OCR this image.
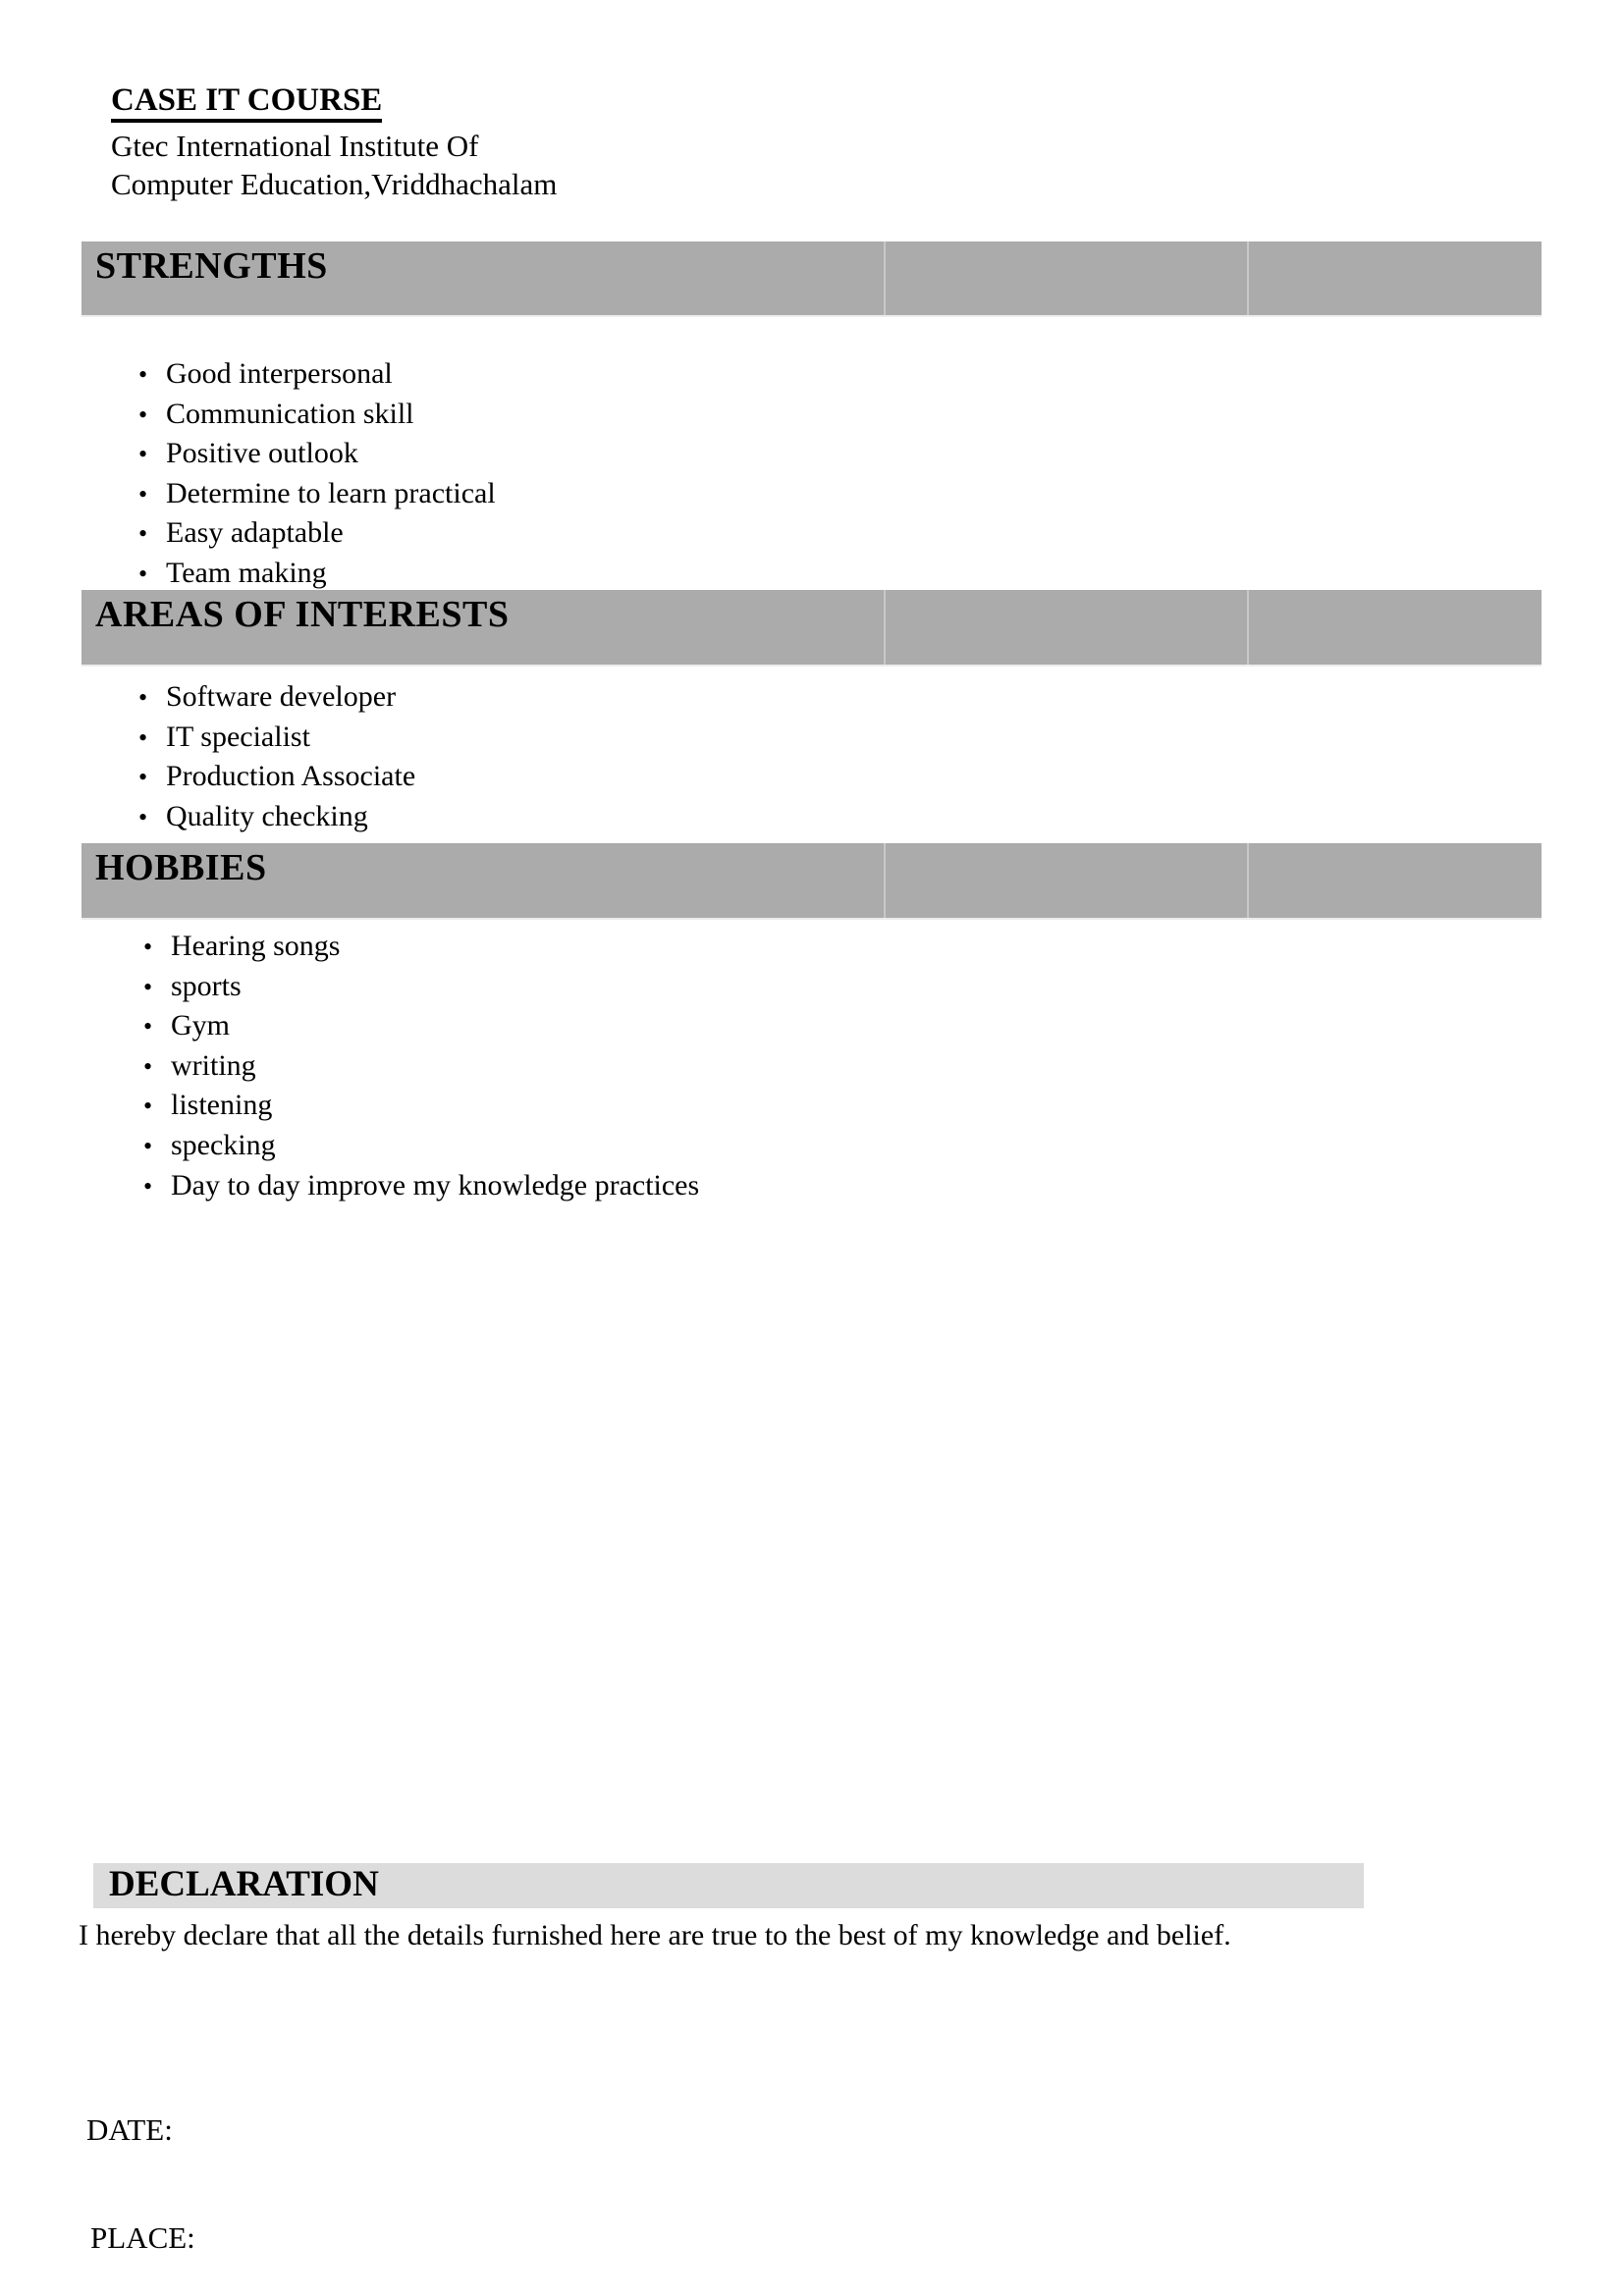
CASE IT COURSE
Gtec International Institute Of
Computer Education,Vriddhachalam
STRENGTHS
• Good interpersonal
• Communication skill
• Positive outlook
• Determine to learn practical
• Easy adaptable
• Team making
AREAS OF INTERESTS
• Software developer
• IT specialist
• Production Associate
• Quality checking
HOBBIES
• Hearing songs
• sports
• Gym
• writing
• listening
• specking
• Day to day improve my knowledge practices
DECLARATION
I hereby declare that all the details furnished here are true to the best of my knowledge and belief.
DATE:
PLACE:
